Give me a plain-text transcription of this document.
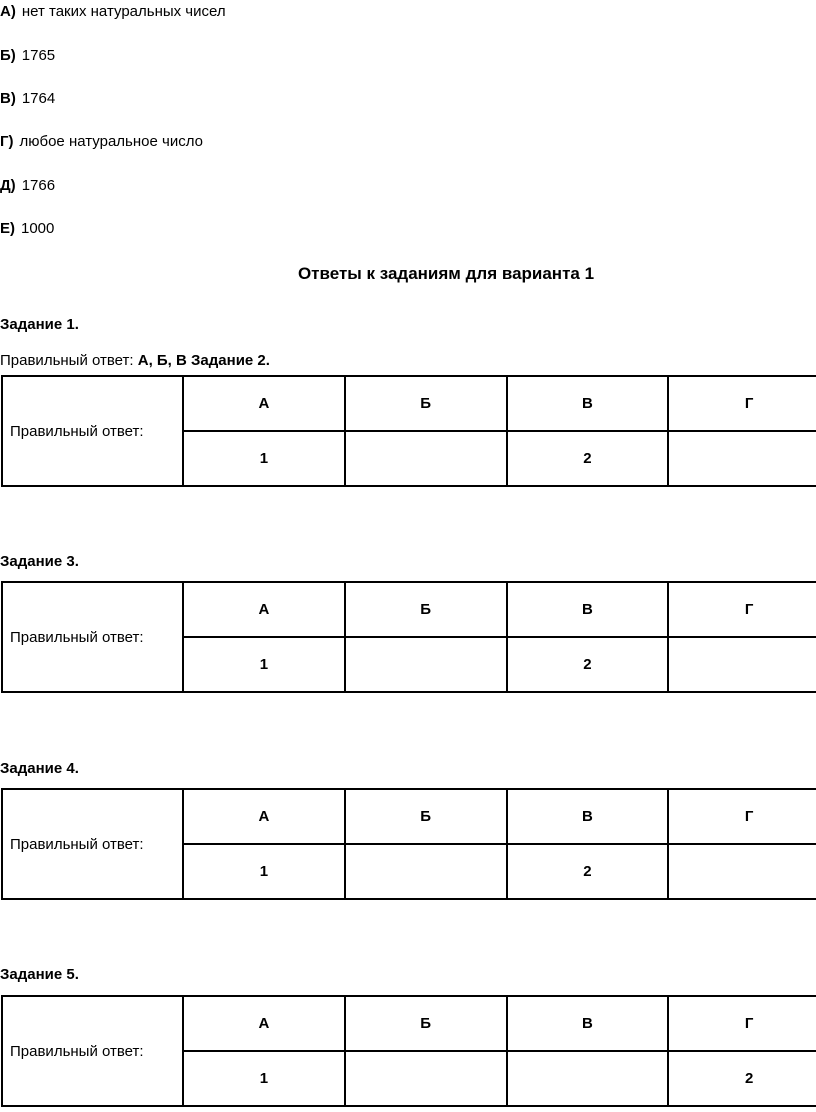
А) нет таких натуральных чисел
Б) 1765
В) 1764
Г) любое натуральное число
Д) 1766
Е) 1000
Ответы к заданиям для варианта 1
Задание 1.
Правильный ответ: А, Б, В Задание 2.
Правильный ответ:	А	Б	В	Г
	1		2	
Задание 3.
Правильный ответ:	А	Б	В	Г
	1		2	
Задание 4.
Правильный ответ:	А	Б	В	Г
	1		2	
Задание 5.
Правильный ответ:	А	Б	В	Г
	1			2
